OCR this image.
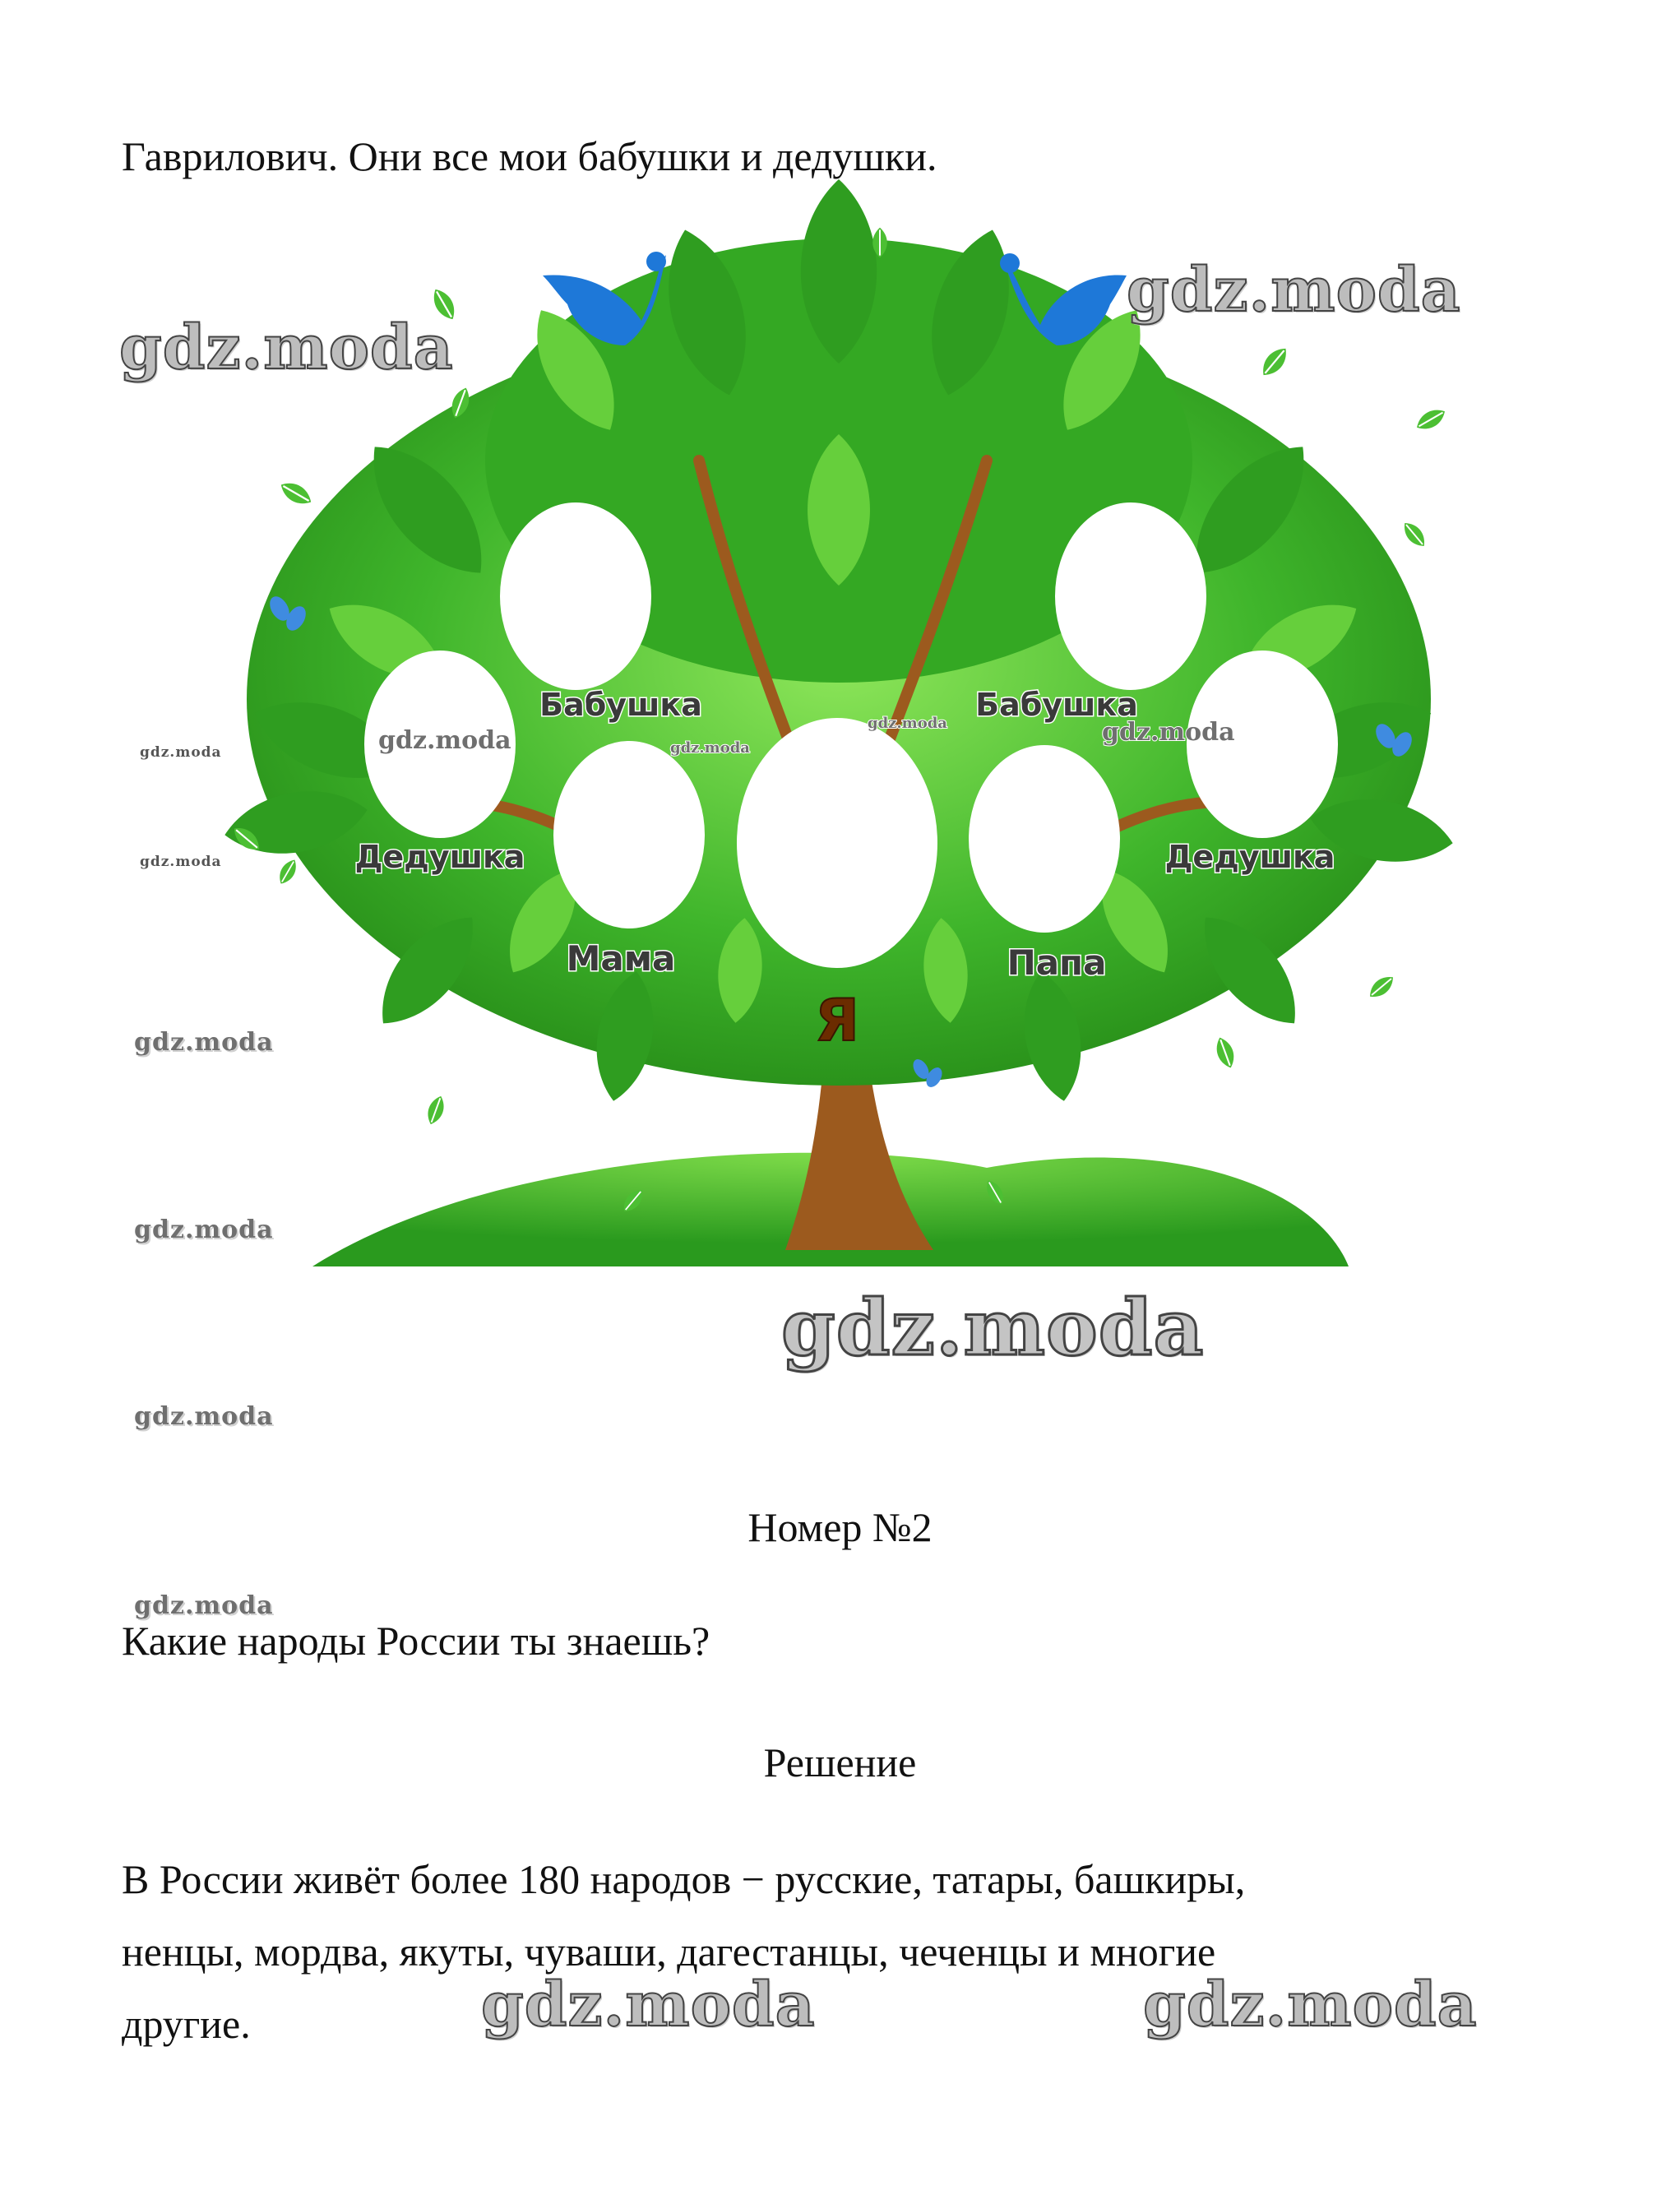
Гаврилович. Они все мои бабушки и дедушки.
Бабушка	Бабушка
Дедушка	Дедушка
Мама	Папа
Я
gdz.moda	gdz.moda
gdz.moda
gdz.moda
gdz.moda
gdz.moda
gdz.moda
gdz.moda
gdz.moda
gdz.moda
gdz.moda
gdz.moda
gdz.moda
Номер №2
Какие народы России ты знаешь?
Решение
В России живёт более 180 народов − русские, татары, башкиры,
ненцы, мордва, якуты, чуваши, дагестанцы, чеченцы и многие
другие.	gdz.moda	gdz.moda
